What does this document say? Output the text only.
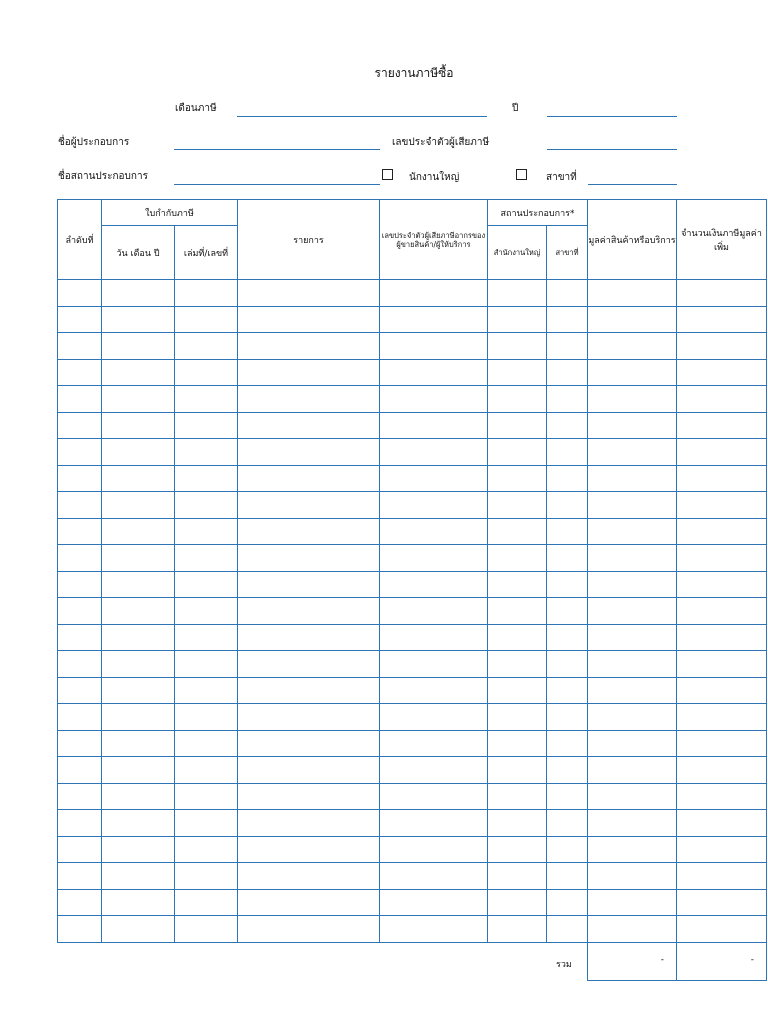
รายงานภาษีซื้อ
เดือนภาษี	ปี
ชื่อผู้ประกอบการ	เลขประจำตัวผู้เสียภาษี
ชื่อสถานประกอบการ	นักงานใหญ่	สาขาที่
ลำดับที่	ใบกำกับภาษี		รายการ	เลขประจำตัวผู้เสียภาษีอากรของผู้ขายสินค้า/ผู้ให้บริการ	สถานประกอบการ*		มูลค่าสินค้าหรือบริการ	จำนวนเงินภาษีมูลค่าเพิ่ม
	วัน เดือน ปี	เล่มที่/เลขที่			สำนักงานใหญ่	สาขาที่		

รวม	-	-
